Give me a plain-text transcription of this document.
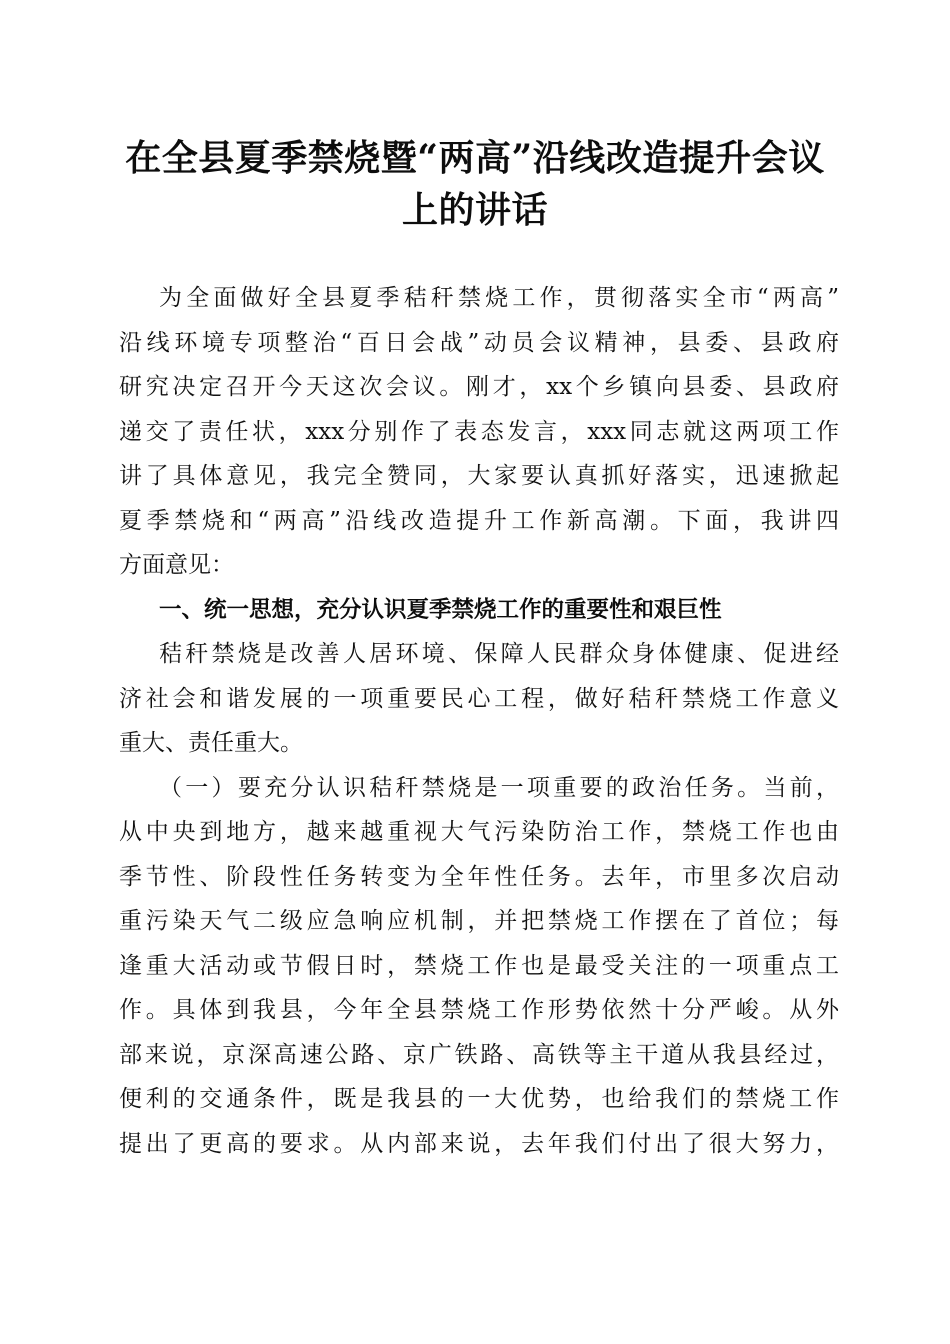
在全县夏季禁烧暨“两高”沿线改造提升会议
上的讲话
为全面做好全县夏季秸秆禁烧工作，贯彻落实全市“两高”
沿线环境专项整治“百日会战”动员会议精神，县委、县政府
研究决定召开今天这次会议。刚才，xx个乡镇向县委、县政府
递交了责任状，xxx分别作了表态发言，xxx同志就这两项工作
讲了具体意见，我完全赞同，大家要认真抓好落实，迅速掀起
夏季禁烧和“两高”沿线改造提升工作新高潮。下面，我讲四
方面意见：
一、统一思想，充分认识夏季禁烧工作的重要性和艰巨性
秸秆禁烧是改善人居环境、保障人民群众身体健康、促进经
济社会和谐发展的一项重要民心工程，做好秸秆禁烧工作意义
重大、责任重大。
（一）要充分认识秸秆禁烧是一项重要的政治任务。当前，
从中央到地方，越来越重视大气污染防治工作，禁烧工作也由
季节性、阶段性任务转变为全年性任务。去年，市里多次启动
重污染天气二级应急响应机制，并把禁烧工作摆在了首位；每
逢重大活动或节假日时，禁烧工作也是最受关注的一项重点工
作。具体到我县，今年全县禁烧工作形势依然十分严峻。从外
部来说，京深高速公路、京广铁路、高铁等主干道从我县经过，
便利的交通条件，既是我县的一大优势，也给我们的禁烧工作
提出了更高的要求。从内部来说，去年我们付出了很大努力，
